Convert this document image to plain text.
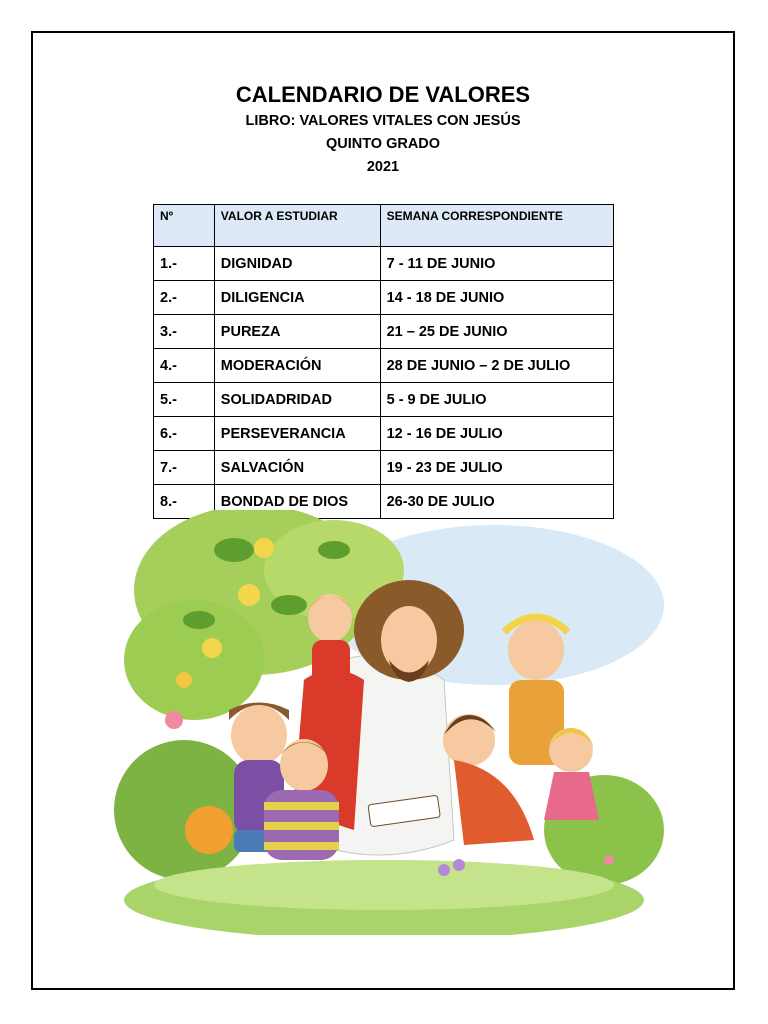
CALENDARIO DE VALORES

LIBRO: VALORES VITALES CON JESÚS

QUINTO GRADO

2021

Nº	VALOR A ESTUDIAR	SEMANA CORRESPONDIENTE
1.-	DIGNIDAD	7 - 11 DE JUNIO
2.-	DILIGENCIA	14 - 18 DE JUNIO
3.-	PUREZA	21 – 25 DE JUNIO
4.-	MODERACIÓN	28 DE JUNIO – 2 DE JULIO
5.-	SOLIDADRIDAD	5 - 9 DE JULIO
6.-	PERSEVERANCIA	12 - 16 DE JULIO
7.-	SALVACIÓN	19 - 23 DE JULIO
8.-	BONDAD DE DIOS	26-30 DE JULIO
